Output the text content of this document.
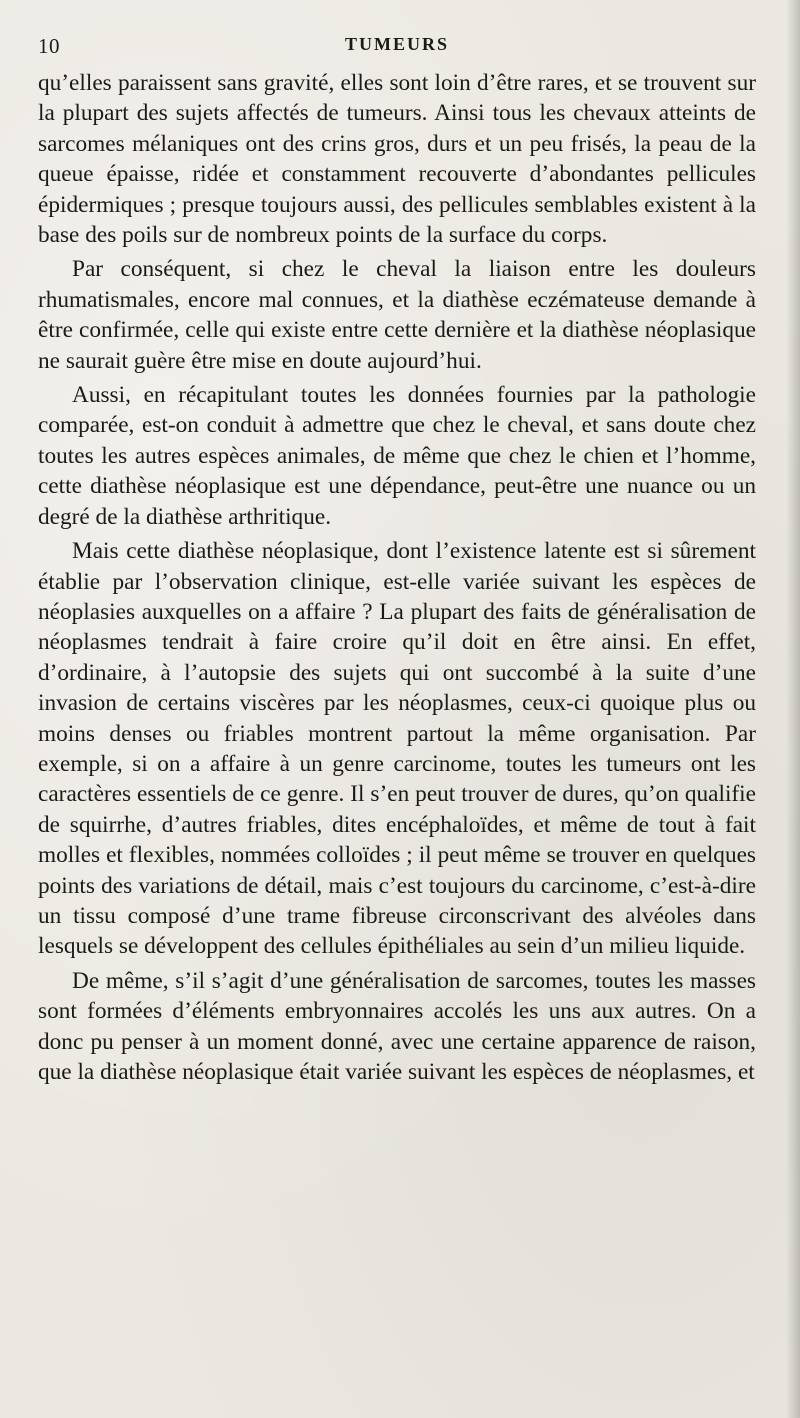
10	TUMEURS

qu’elles paraissent sans gravité, elles sont loin d’être rares, et se trouvent sur la plupart des sujets affectés de tumeurs. Ainsi tous les chevaux atteints de sarcomes mélaniques ont des crins gros, durs et un peu frisés, la peau de la queue épaisse, ridée et constamment recouverte d’abondantes pellicules épidermiques ; presque toujours aussi, des pellicules semblables existent à la base des poils sur de nombreux points de la surface du corps.

Par conséquent, si chez le cheval la liaison entre les douleurs rhumatismales, encore mal connues, et la diathèse eczémateuse demande à être confirmée, celle qui existe entre cette dernière et la diathèse néoplasique ne saurait guère être mise en doute aujourd’hui.

Aussi, en récapitulant toutes les données fournies par la pathologie comparée, est-on conduit à admettre que chez le cheval, et sans doute chez toutes les autres espèces animales, de même que chez le chien et l’homme, cette diathèse néoplasique est une dépendance, peut-être une nuance ou un degré de la diathèse arthritique.

Mais cette diathèse néoplasique, dont l’existence latente est si sûrement établie par l’observation clinique, est-elle variée suivant les espèces de néoplasies auxquelles on a affaire ? La plupart des faits de généralisation de néoplasmes tendrait à faire croire qu’il doit en être ainsi. En effet, d’ordinaire, à l’autopsie des sujets qui ont succombé à la suite d’une invasion de certains viscères par les néoplasmes, ceux-ci quoique plus ou moins denses ou friables montrent partout la même organisation. Par exemple, si on a affaire à un genre carcinome, toutes les tumeurs ont les caractères essentiels de ce genre. Il s’en peut trouver de dures, qu’on qualifie de squirrhe, d’autres friables, dites encéphaloïdes, et même de tout à fait molles et flexibles, nommées colloïdes ; il peut même se trouver en quelques points des variations de détail, mais c’est toujours du carcinome, c’est-à-dire un tissu composé d’une trame fibreuse circonscrivant des alvéoles dans lesquels se développent des cellules épithéliales au sein d’un milieu liquide.

De même, s’il s’agit d’une généralisation de sarcomes, toutes les masses sont formées d’éléments embryonnaires accolés les uns aux autres. On a donc pu penser à un moment donné, avec une certaine apparence de raison, que la diathèse néoplasique était variée suivant les espèces de néoplasmes, et
